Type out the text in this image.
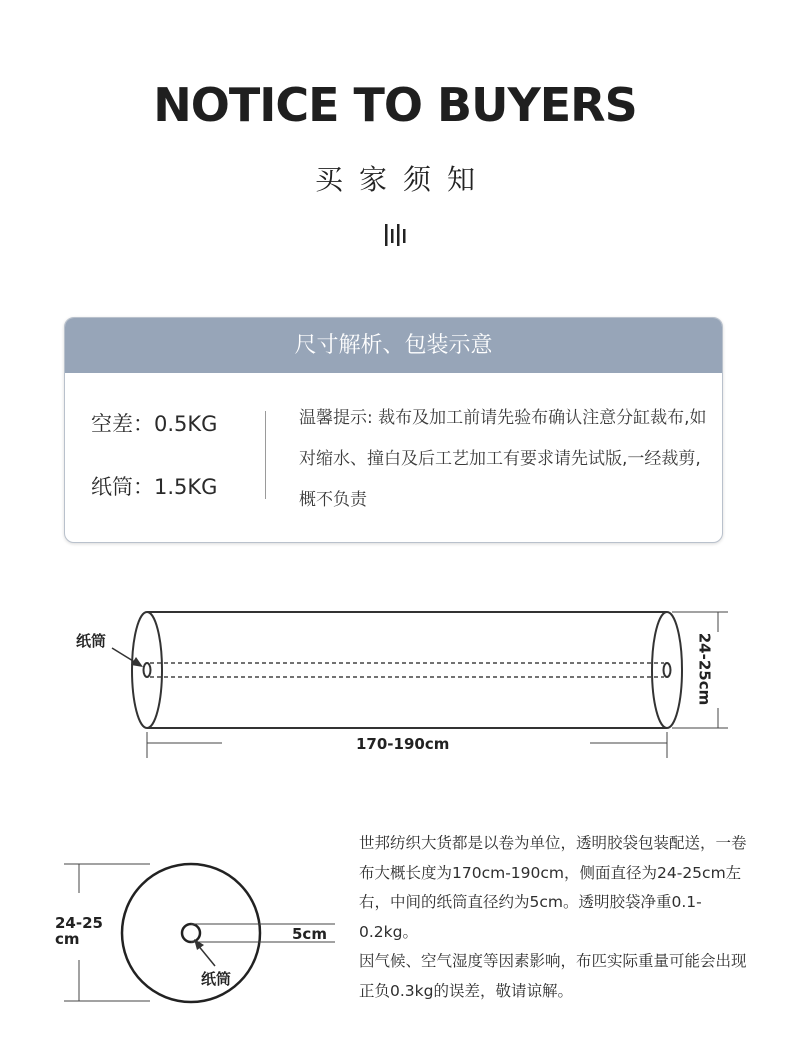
NOTICE TO BUYERS
买家须知
尺寸解析、包装示意
空差：0.5KG
纸筒：1.5KG
温馨提示: 裁布及加工前请先验布确认注意分缸裁布,如对缩水、撞白及后工艺加工有要求请先试版,一经裁剪,概不负责
纸筒
170-190cm
24-25cm
24-25
cm	5cm
纸筒

世邦纺织大货都是以卷为单位，透明胶袋包装配送，一卷布大概长度为170cm-190cm，侧面直径为24-25cm左右，中间的纸筒直径约为5cm。透明胶袋净重0.1-0.2kg。

因气候、空气湿度等因素影响，布匹实际重量可能会出现正负0.3kg的误差，敬请谅解。
